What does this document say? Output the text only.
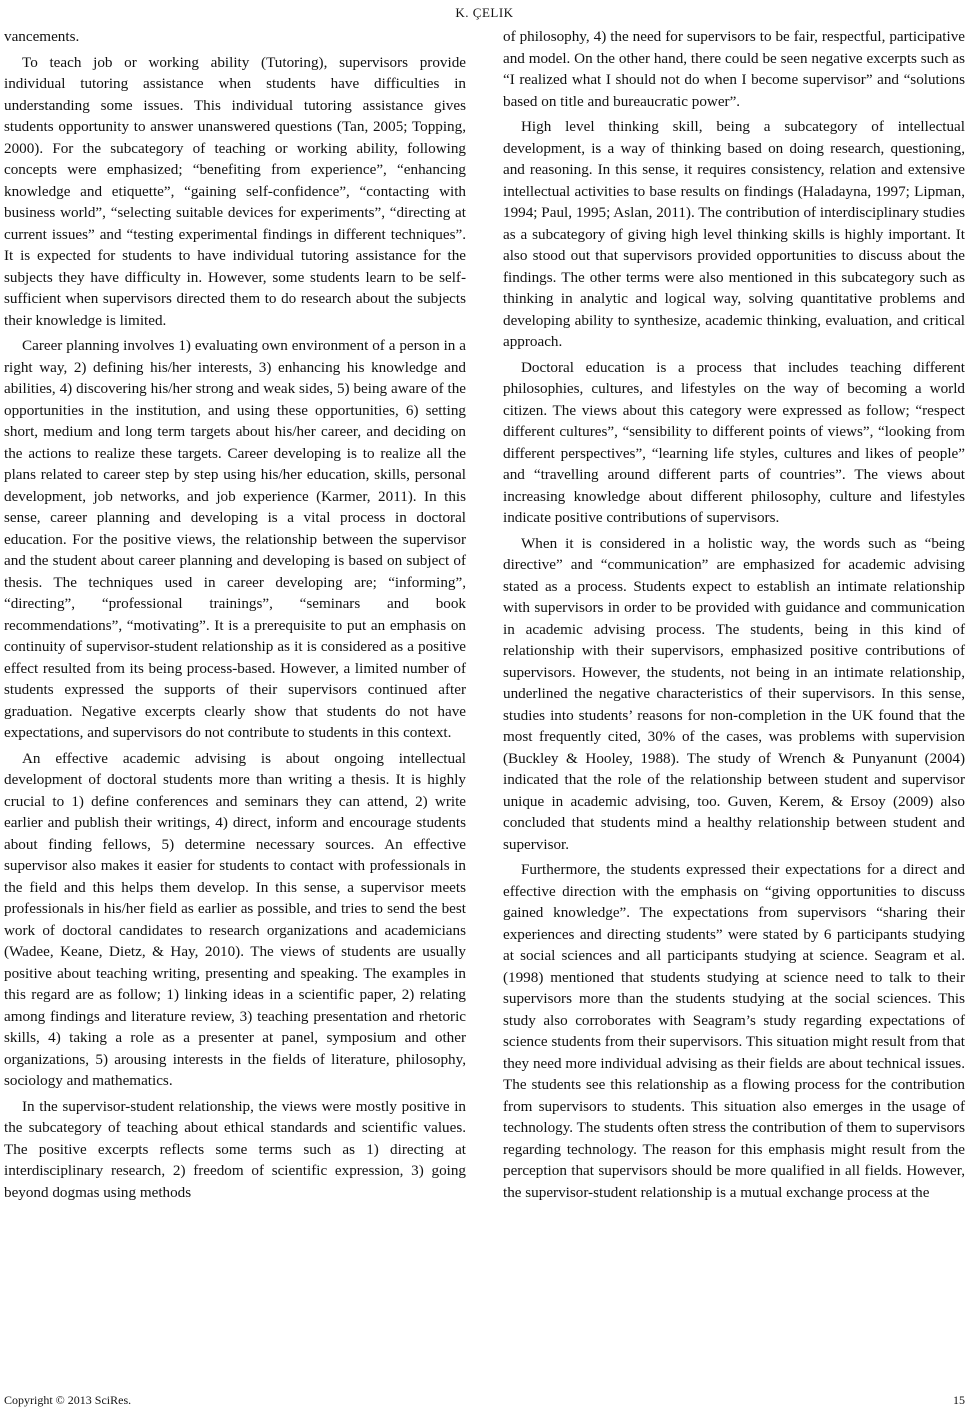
K. ÇELIK

vancements.

To teach job or working ability (Tutoring), supervisors provide individual tutoring assistance when students have difficulties in understanding some issues. This individual tutoring assistance gives students opportunity to answer unanswered questions (Tan, 2005; Topping, 2000). For the subcategory of teaching or working ability, following concepts were emphasized; “benefiting from experience”, “enhancing knowledge and etiquette”, “gaining self-confidence”, “contacting with business world”, “selecting suitable devices for experiments”, “directing at current issues” and “testing experimental findings in different techniques”. It is expected for students to have individual tutoring assistance for the subjects they have difficulty in. However, some students learn to be self-sufficient when supervisors directed them to do research about the subjects their knowledge is limited.

Career planning involves 1) evaluating own environment of a person in a right way, 2) defining his/her interests, 3) enhancing his knowledge and abilities, 4) discovering his/her strong and weak sides, 5) being aware of the opportunities in the institution, and using these opportunities, 6) setting short, medium and long term targets about his/her career, and deciding on the actions to realize these targets. Career developing is to realize all the plans related to career step by step using his/her education, skills, personal development, job networks, and job experience (Karmer, 2011). In this sense, career planning and developing is a vital process in doctoral education. For the positive views, the relationship between the supervisor and the student about career planning and developing is based on subject of thesis. The techniques used in career developing are; “informing”, “directing”, “professional trainings”, “seminars and book recommendations”, “motivating”. It is a prerequisite to put an emphasis on continuity of supervisor-student relationship as it is considered as a positive effect resulted from its being process-based. However, a limited number of students expressed the supports of their supervisors continued after graduation. Negative excerpts clearly show that students do not have expectations, and supervisors do not contribute to students in this context.

An effective academic advising is about ongoing intellectual development of doctoral students more than writing a thesis. It is highly crucial to 1) define conferences and seminars they can attend, 2) write earlier and publish their writings, 4) direct, inform and encourage students about finding fellows, 5) determine necessary sources. An effective supervisor also makes it easier for students to contact with professionals in the field and this helps them develop. In this sense, a supervisor meets professionals in his/her field as earlier as possible, and tries to send the best work of doctoral candidates to research organizations and academicians (Wadee, Keane, Dietz, & Hay, 2010). The views of students are usually positive about teaching writing, presenting and speaking. The examples in this regard are as follow; 1) linking ideas in a scientific paper, 2) relating among findings and literature review, 3) teaching presentation and rhetoric skills, 4) taking a role as a presenter at panel, symposium and other organizations, 5) arousing interests in the fields of literature, philosophy, sociology and mathematics.

In the supervisor-student relationship, the views were mostly positive in the subcategory of teaching about ethical standards and scientific values. The positive excerpts reflects some terms such as 1) directing at interdisciplinary research, 2) freedom of scientific expression, 3) going beyond dogmas using methods

of philosophy, 4) the need for supervisors to be fair, respectful, participative and model. On the other hand, there could be seen negative excerpts such as “I realized what I should not do when I become supervisor” and “solutions based on title and bureaucratic power”.

High level thinking skill, being a subcategory of intellectual development, is a way of thinking based on doing research, questioning, and reasoning. In this sense, it requires consistency, relation and extensive intellectual activities to base results on findings (Haladayna, 1997; Lipman, 1994; Paul, 1995; Aslan, 2011). The contribution of interdisciplinary studies as a subcategory of giving high level thinking skills is highly important. It also stood out that supervisors provided opportunities to discuss about the findings. The other terms were also mentioned in this subcategory such as thinking in analytic and logical way, solving quantitative problems and developing ability to synthesize, academic thinking, evaluation, and critical approach.

Doctoral education is a process that includes teaching different philosophies, cultures, and lifestyles on the way of becoming a world citizen. The views about this category were expressed as follow; “respect different cultures”, “sensibility to different points of views”, “looking from different perspectives”, “learning life styles, cultures and likes of people” and “travelling around different parts of countries”. The views about increasing knowledge about different philosophy, culture and lifestyles indicate positive contributions of supervisors.

When it is considered in a holistic way, the words such as “being directive” and “communication” are emphasized for academic advising stated as a process. Students expect to establish an intimate relationship with supervisors in order to be provided with guidance and communication in academic advising process. The students, being in this kind of relationship with their supervisors, emphasized positive contributions of supervisors. However, the students, not being in an intimate relationship, underlined the negative characteristics of their supervisors. In this sense, studies into students’ reasons for non-completion in the UK found that the most frequently cited, 30% of the cases, was problems with supervision (Buckley & Hooley, 1988). The study of Wrench & Punyanunt (2004) indicated that the role of the relationship between student and supervisor unique in academic advising, too. Guven, Kerem, & Ersoy (2009) also concluded that students mind a healthy relationship between student and supervisor.

Furthermore, the students expressed their expectations for a direct and effective direction with the emphasis on “giving opportunities to discuss gained knowledge”. The expectations from supervisors “sharing their experiences and directing students” were stated by 6 participants studying at social sciences and all participants studying at science. Seagram et al. (1998) mentioned that students studying at science need to talk to their supervisors more than the students studying at the social sciences. This study also corroborates with Seagram’s study regarding expectations of science students from their supervisors. This situation might result from that they need more individual advising as their fields are about technical issues. The students see this relationship as a flowing process for the contribution from supervisors to students. This situation also emerges in the usage of technology. The students often stress the contribution of them to supervisors regarding technology. The reason for this emphasis might result from the perception that supervisors should be more qualified in all fields. However, the supervisor-student relationship is a mutual exchange process at the

Copyright © 2013 SciRes.	15
